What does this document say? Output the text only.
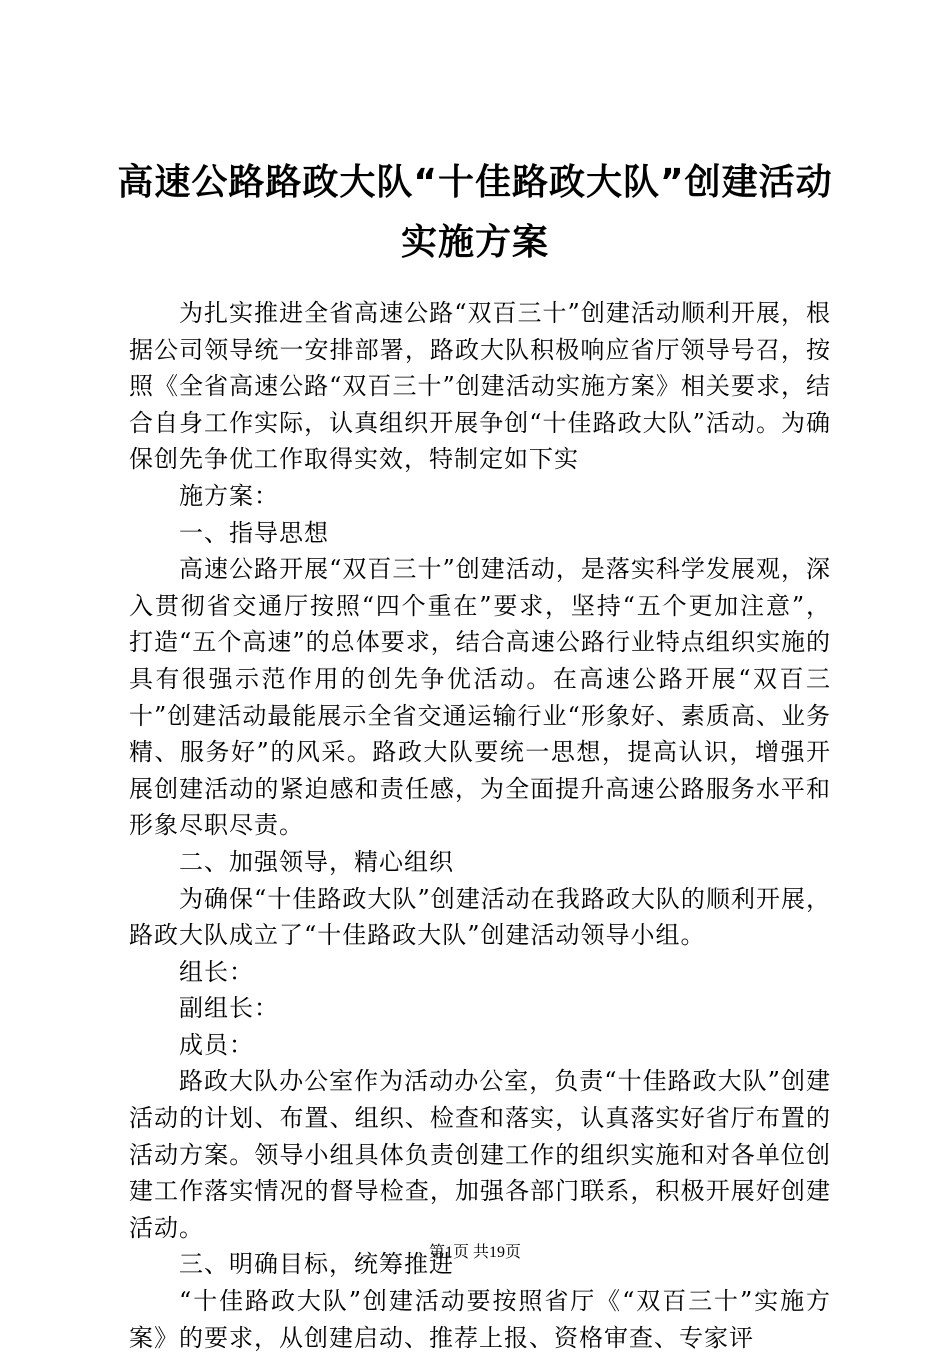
高速公路路政大队“十佳路政大队”创建活动
实施方案

为扎实推进全省高速公路“双百三十”创建活动顺利开展，根据公司领导统一安排部署，路政大队积极响应省厅领导号召，按照《全省高速公路“双百三十”创建活动实施方案》相关要求，结合自身工作实际，认真组织开展争创“十佳路政大队”活动。为确保创先争优工作取得实效，特制定如下实

施方案：

一、指导思想

高速公路开展“双百三十”创建活动，是落实科学发展观，深入贯彻省交通厅按照“四个重在”要求，坚持“五个更加注意”，打造“五个高速”的总体要求，结合高速公路行业特点组织实施的具有很强示范作用的创先争优活动。在高速公路开展“双百三十”创建活动最能展示全省交通运输行业“形象好、素质高、业务精、服务好”的风采。路政大队要统一思想，提高认识，增强开展创建活动的紧迫感和责任感，为全面提升高速公路服务水平和形象尽职尽责。

二、加强领导，精心组织

为确保“十佳路政大队”创建活动在我路政大队的顺利开展，路政大队成立了“十佳路政大队”创建活动领导小组。

组长：

副组长：

成员：

路政大队办公室作为活动办公室，负责“十佳路政大队”创建活动的计划、布置、组织、检查和落实，认真落实好省厅布置的活动方案。领导小组具体负责创建工作的组织实施和对各单位创建工作落实情况的督导检查，加强各部门联系，积极开展好创建活动。

三、明确目标，统筹推进

“十佳路政大队”创建活动要按照省厅《“双百三十”实施方案》的要求，从创建启动、推荐上报、资格审查、专家评

第1页 共19页
